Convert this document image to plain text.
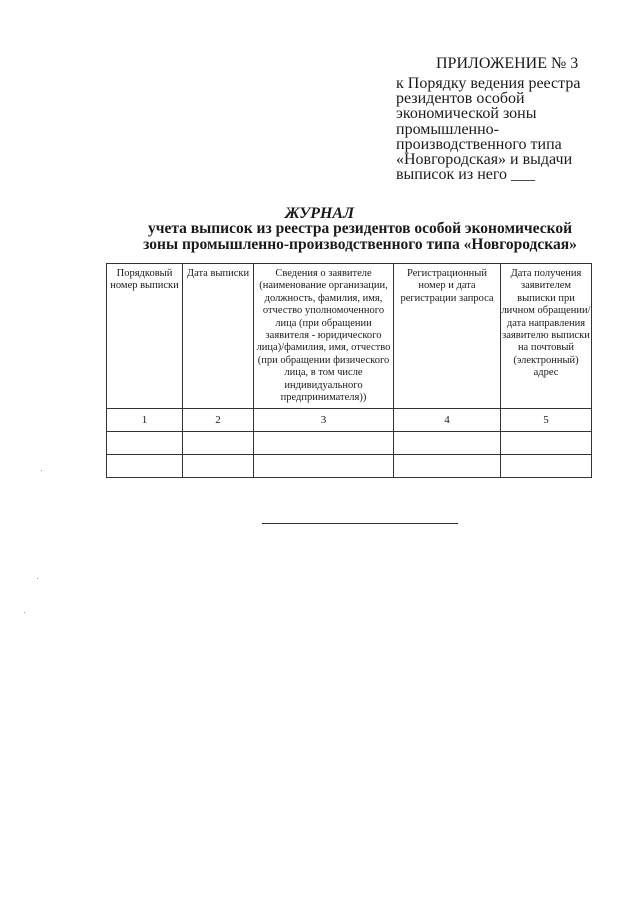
ПРИЛОЖЕНИЕ № 3
к Порядку ведения реестра
резидентов особой
экономической зоны
промышленно-
производственного типа
«Новгородская» и выдачи
выписок из него ___
ЖУРНАЛ
учета выписок из реестра резидентов особой экономической
зоны промышленно-производственного типа «Новгородская»
Порядковый номер выписки	Дата выписки	Сведения о заявителе (наименование организации, должность, фамилия, имя, отчество уполномоченного лица (при обращении заявителя - юридического лица)/фамилия, имя, отчество (при обращении физического лица, в том числе индивидуального предпринимателя))	Регистрационный номер и дата регистрации запроса	Дата получения заявителем выписки при личном обращении/дата направления заявителю выписки на почтовый (электронный) адрес
1	2	3	4	5
